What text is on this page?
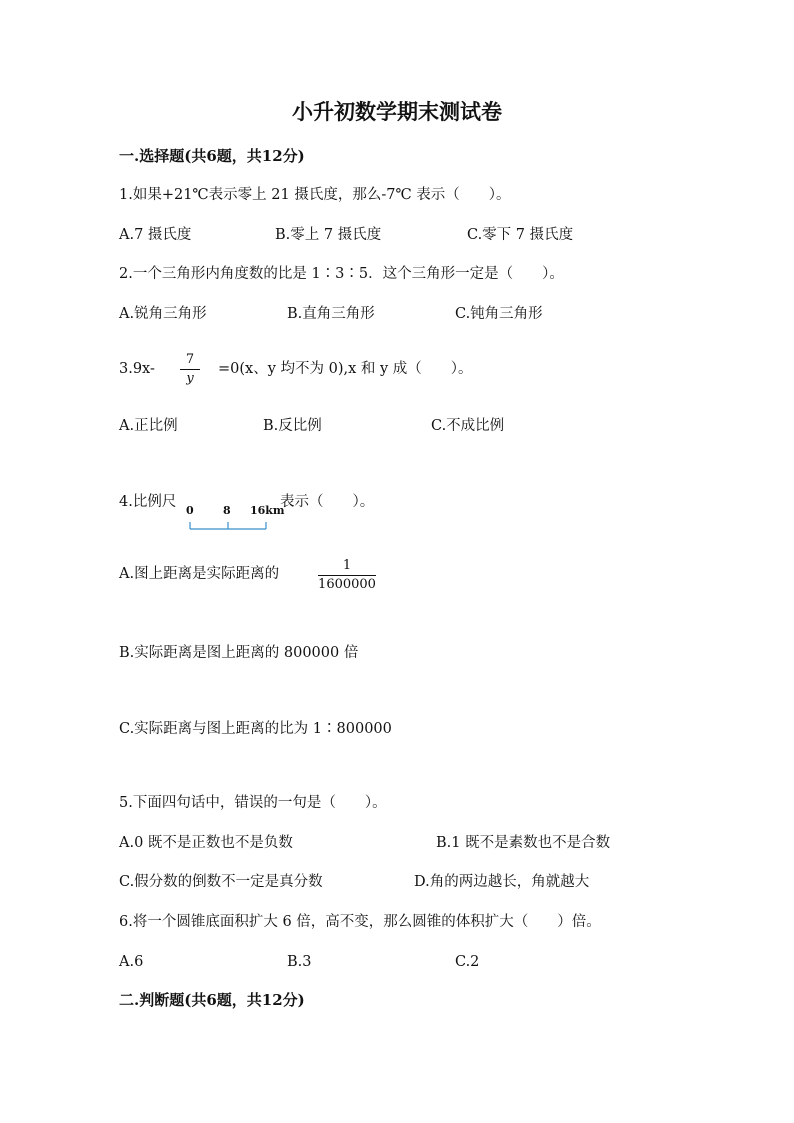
小升初数学期末测试卷
一.选择题(共6题，共12分)
1.如果+21℃表示零上 21 摄氏度，那么-7℃ 表示（　　）。
A.7 摄氏度	B.零上 7 摄氏度	C.零下 7 摄氏度
2.一个三角形内角度数的比是 1∶3∶5．这个三角形一定是（　　）。
A.锐角三角形	B.直角三角形	C.钝角三角形
3.9x-
7
y
=0(x、y 均不为 0),x 和 y 成（　　）。
A.正比例	B.反比例	C.不成比例
4.比例尺
0	8 16km
表示（　　）。
A.图上距离是实际距离的
1
1600000
B.实际距离是图上距离的 800000 倍
C.实际距离与图上距离的比为 1∶800000
5.下面四句话中，错误的一句是（　　）。
A.0 既不是正数也不是负数	B.1 既不是素数也不是合数
C.假分数的倒数不一定是真分数	D.角的两边越长，角就越大
6.将一个圆锥底面积扩大 6 倍，高不变，那么圆锥的体积扩大（　　）倍。
A.6	B.3	C.2
二.判断题(共6题，共12分)
